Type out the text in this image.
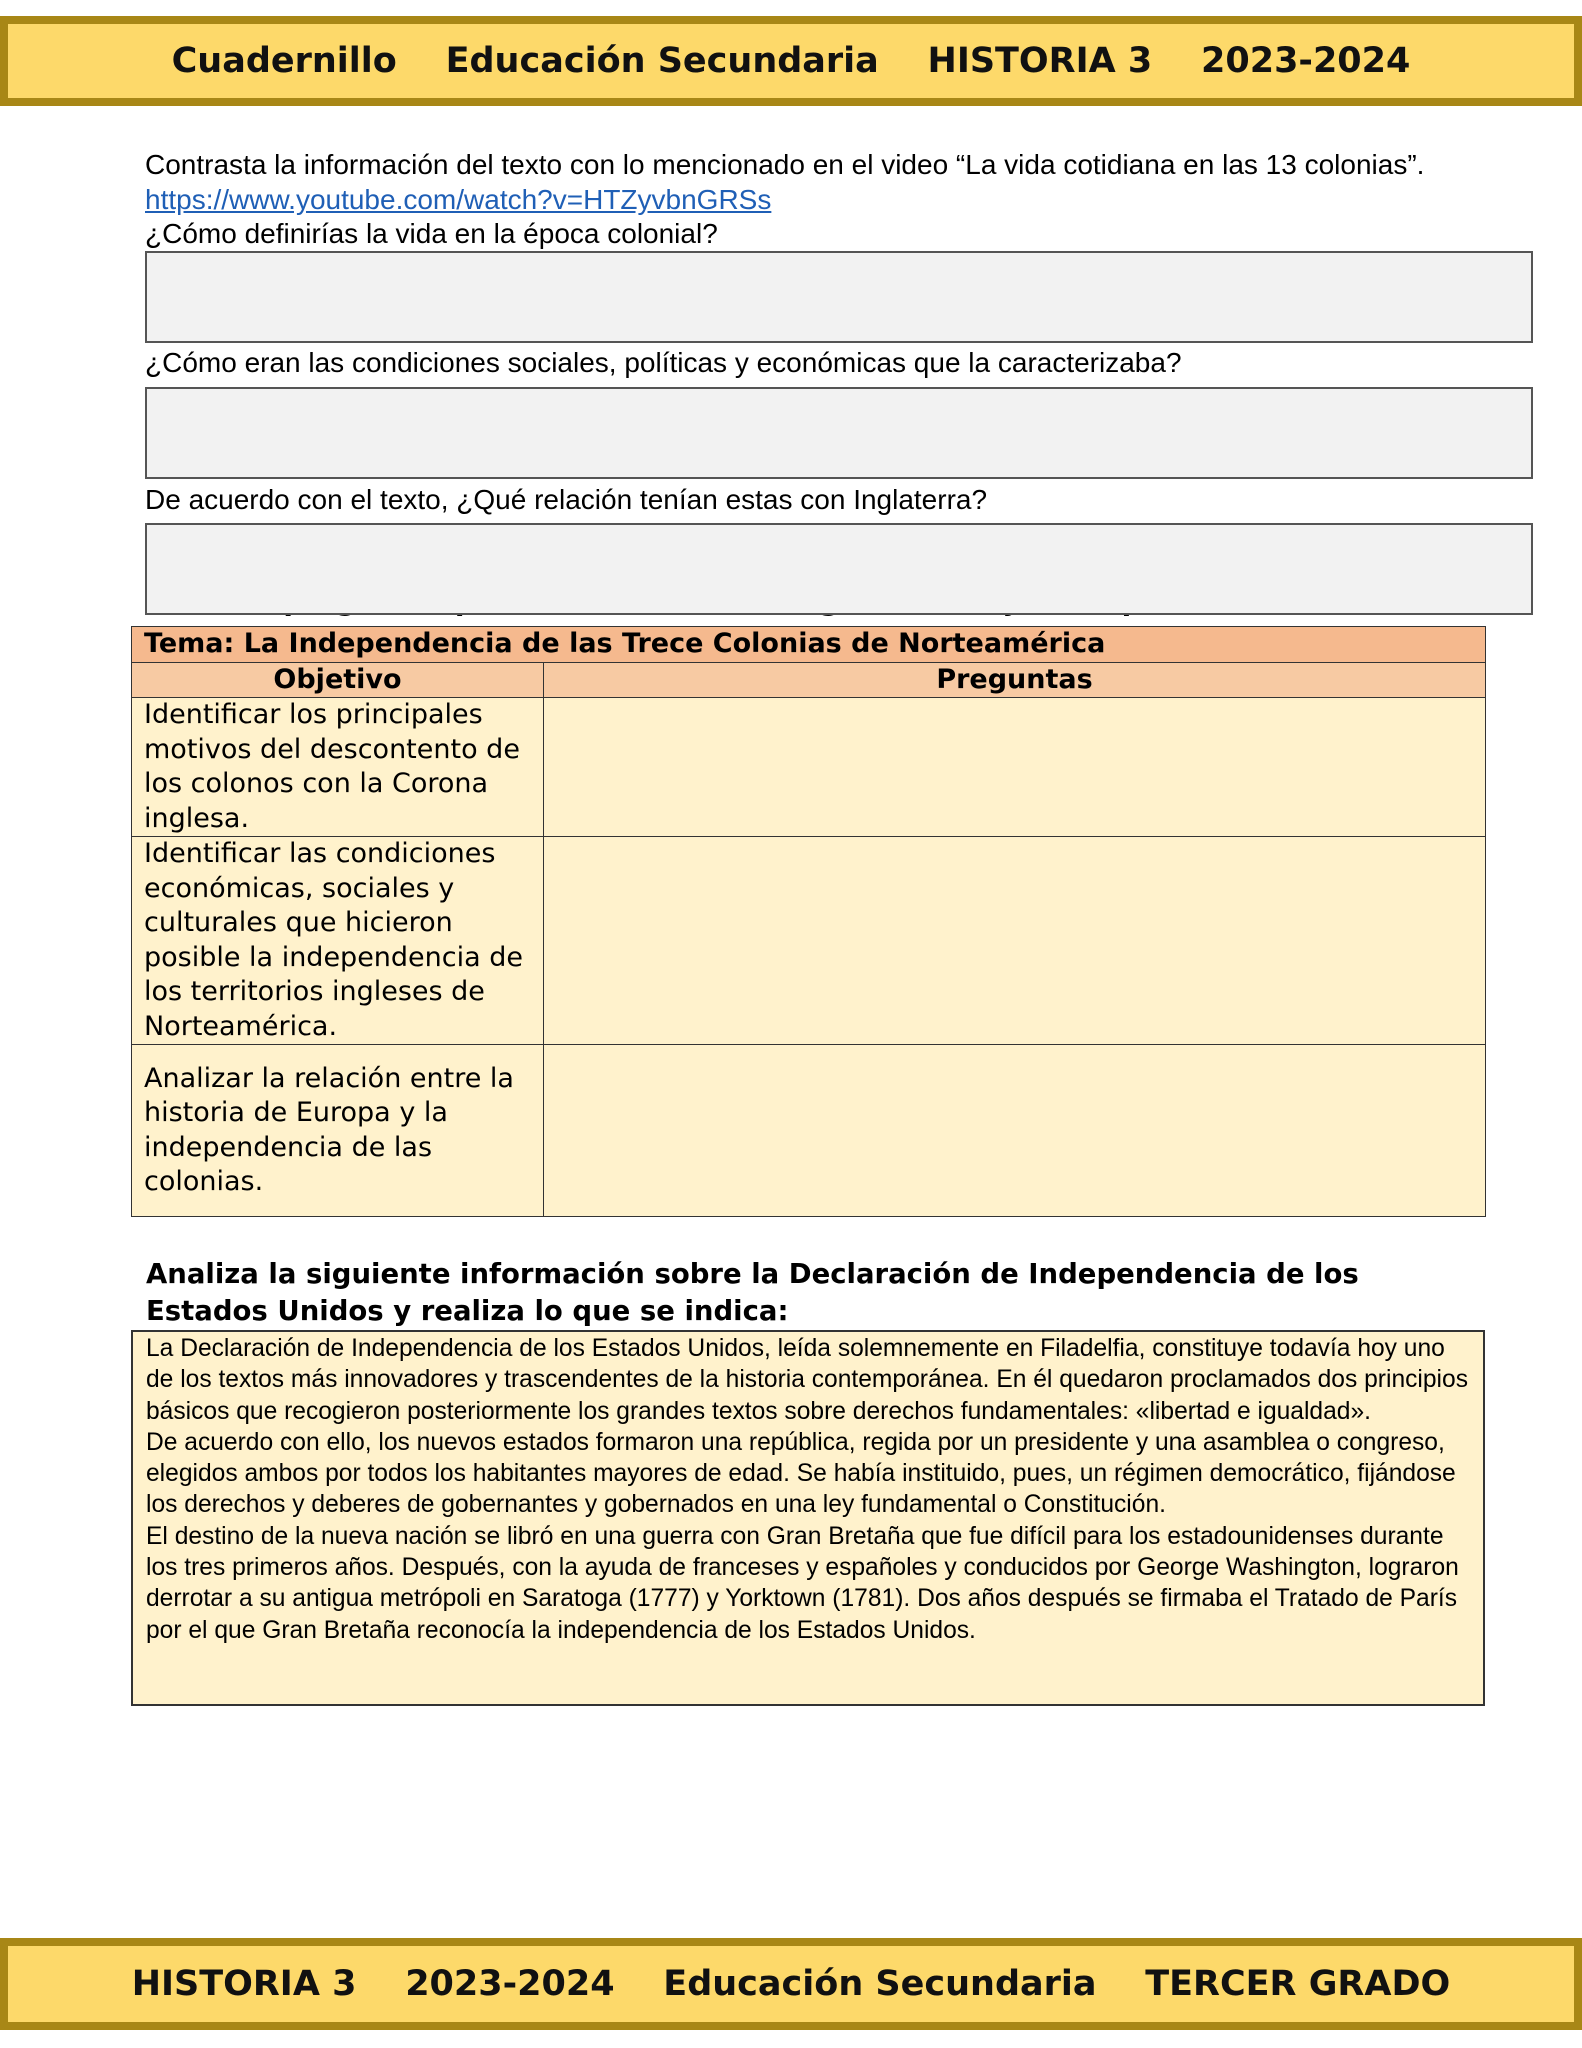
Cuadernillo    Educación Secundaria    HISTORIA 3    2023-2024
Contrasta la información del texto con lo mencionado en el video “La vida cotidiana en las 13 colonias”.
https://www.youtube.com/watch?v=HTZyvbnGRSs
¿Cómo definirías la vida en la época colonial?
¿Cómo eran las condiciones sociales, políticas y económicas que la caracterizaba?
De acuerdo con el texto, ¿Qué relación tenían estas con Inglaterra?
Tema: La Independencia de las Trece Colonias de Norteamérica	
Objetivo	Preguntas
Identificar los principales motivos del descontento de los colonos con la Corona inglesa.	
Identificar las condiciones económicas, sociales y culturales que hicieron posible la independencia de los territorios ingleses de Norteamérica.	
Analizar la relación entre la historia de Europa y la independencia de las colonias.	
Analiza la siguiente información sobre la Declaración de Independencia de los Estados Unidos y realiza lo que se indica:

La Declaración de Independencia de los Estados Unidos, leída solemnemente en Filadelfia, constituye todavía hoy uno de los textos más innovadores y trascendentes de la historia contemporánea. En él quedaron proclamados dos principios básicos que recogieron posteriormente los grandes textos sobre derechos fundamentales: «libertad e igualdad».

De acuerdo con ello, los nuevos estados formaron una república, regida por un presidente y una asamblea o congreso, elegidos ambos por todos los habitantes mayores de edad. Se había instituido, pues, un régimen democrático, fijándose los derechos y deberes de gobernantes y gobernados en una ley fundamental o Constitución.

El destino de la nueva nación se libró en una guerra con Gran Bretaña que fue difícil para los estadounidenses durante los tres primeros años. Después, con la ayuda de franceses y españoles y conducidos por George Washington, lograron derrotar a su antigua metrópoli en Saratoga (1777) y Yorktown (1781). Dos años después se firmaba el Tratado de París por el que Gran Bretaña reconocía la independencia de los Estados Unidos.

HISTORIA 3    2023-2024    Educación Secundaria    TERCER GRADO
